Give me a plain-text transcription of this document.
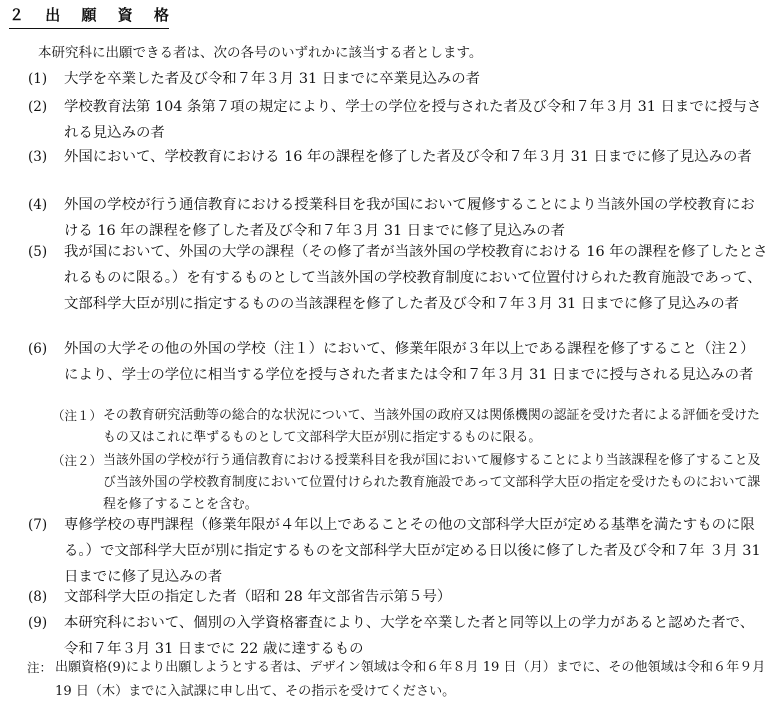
２ 出 願 資 格
本研究科に出願できる者は、次の各号のいずれかに該当する者とします。
(1) 大学を卒業した者及び令和７年３月 31 日までに卒業見込みの者
(2) 学校教育法第 104 条第７項の規定により、学士の学位を授与された者及び令和７年３月 31 日までに授与される見込みの者
(3) 外国において、学校教育における 16 年の課程を修了した者及び令和７年３月 31 日までに修了見込みの者
(4) 外国の学校が行う通信教育における授業科目を我が国において履修することにより当該外国の学校教育における 16 年の課程を修了した者及び令和７年３月 31 日までに修了見込みの者
(5) 我が国において、外国の大学の課程（その修了者が当該外国の学校教育における 16 年の課程を修了したとされるものに限る。）を有するものとして当該外国の学校教育制度において位置付けられた教育施設であって、文部科学大臣が別に指定するものの当該課程を修了した者及び令和７年３月 31 日までに修了見込みの者
(6) 外国の大学その他の外国の学校（注１）において、修業年限が３年以上である課程を修了すること（注２）により、学士の学位に相当する学位を授与された者または令和７年３月 31 日までに授与される見込みの者
（注１） その教育研究活動等の総合的な状況について、当該外国の政府又は関係機関の認証を受けた者による評価を受けたもの又はこれに準ずるものとして文部科学大臣が別に指定するものに限る。
（注２） 当該外国の学校が行う通信教育における授業科目を我が国において履修することにより当該課程を修了すること及び当該外国の学校教育制度において位置付けられた教育施設であって文部科学大臣の指定を受けたものにおいて課程を修了することを含む。
(7) 専修学校の専門課程（修業年限が４年以上であることその他の文部科学大臣が定める基準を満たすものに限る。）で文部科学大臣が別に指定するものを文部科学大臣が定める日以後に修了した者及び令和７年 ３月 31 日までに修了見込みの者
(8) 文部科学大臣の指定した者（昭和 28 年文部省告示第５号）
(9) 本研究科において、個別の入学資格審査により、大学を卒業した者と同等以上の学力があると認めた者で、令和７年３月 31 日までに 22 歳に達するもの
注： 出願資格(9)により出願しようとする者は、デザイン領域は令和６年８月 19 日（月）までに、その他領域は令和６年９月 19 日（木）までに入試課に申し出て、その指示を受けてください。
